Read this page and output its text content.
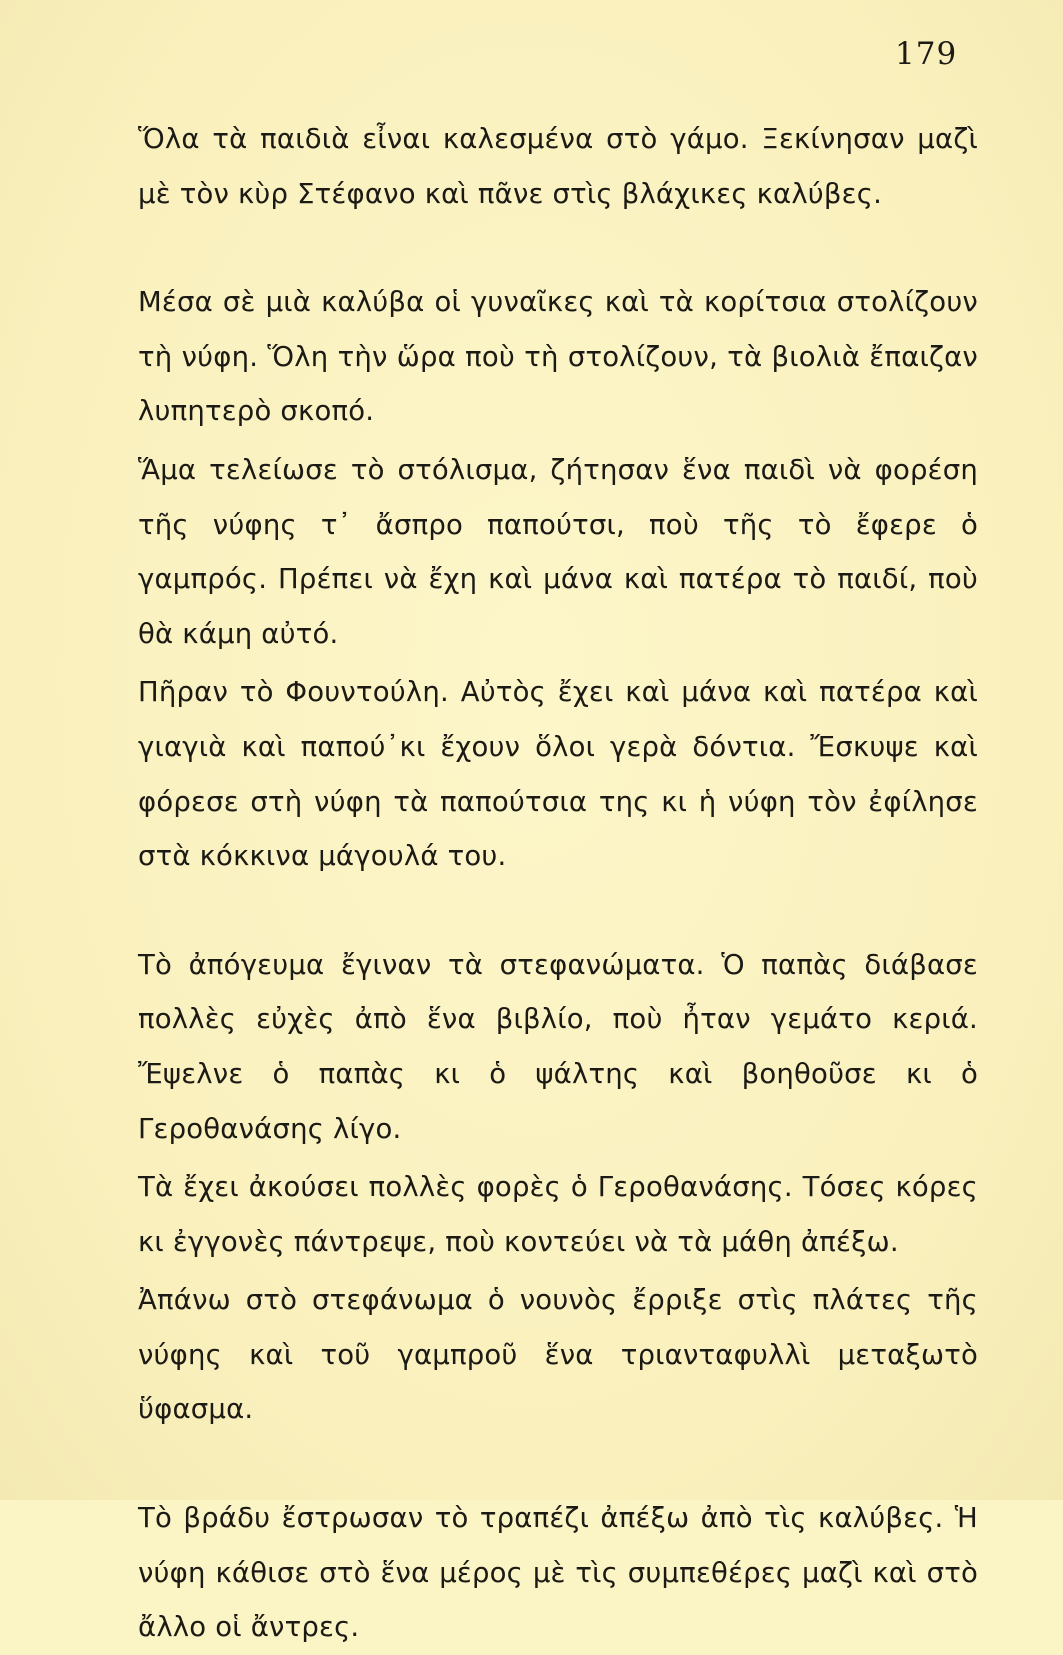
179

Ὅλα τὰ παιδιὰ εἶναι καλεσμένα στὸ γάμο. Ξεκίνησαν μαζὶ μὲ τὸν κὺρ Στέφανο καὶ πᾶνε στὶς βλάχικες καλύβες.

Μέσα σὲ μιὰ καλύβα οἱ γυναῖκες καὶ τὰ κορίτσια στολίζουν τὴ νύφη. Ὅλη τὴν ὥρα ποὺ τὴ στολίζουν, τὰ βιολιὰ ἔπαιζαν λυπητερὸ σκοπό.

Ἅμα τελείωσε τὸ στόλισμα, ζήτησαν ἕνα παιδὶ νὰ φορέση τῆς νύφης τ᾽ ἄσπρο παπούτσι, ποὺ τῆς τὸ ἔφερε ὁ γαμπρός. Πρέπει νὰ ἔχη καὶ μάνα καὶ πατέρα τὸ παιδί, ποὺ θὰ κάμη αὐτό.

Πῆραν τὸ Φουντούλη. Αὐτὸς ἔχει καὶ μάνα καὶ πατέρα καὶ γιαγιὰ καὶ παπού᾽κι ἔχουν ὅλοι γερὰ δόντια. Ἔσκυψε καὶ φόρεσε στὴ νύφη τὰ παπούτσια της κι ἡ νύφη τὸν ἐφίλησε στὰ κόκκινα μάγουλά του.

Τὸ ἀπόγευμα ἔγιναν τὰ στεφανώματα. Ὁ παπὰς διάβασε πολλὲς εὐχὲς ἀπὸ ἕνα βιβλίο, ποὺ ἦταν γεμάτο κεριά. Ἔψελνε ὁ παπὰς κι ὁ ψάλτης καὶ βοηθοῦσε κι ὁ Γεροθανάσης λίγο.

Τὰ ἔχει ἀκούσει πολλὲς φορὲς ὁ Γεροθανάσης. Τόσες κόρες κι ἐγγονὲς πάντρεψε, ποὺ κοντεύει νὰ τὰ μάθη ἀπέξω.

Ἀπάνω στὸ στεφάνωμα ὁ νουνὸς ἔρριξε στὶς πλάτες τῆς νύφης καὶ τοῦ γαμπροῦ ἕνα τριανταφυλλὶ μεταξωτὸ ὕφασμα.

Τὸ βράδυ ἔστρωσαν τὸ τραπέζι ἀπέξω ἀπὸ τὶς καλύβες. Ἡ νύφη κάθισε στὸ ἕνα μέρος μὲ τὶς συμπεθέρες μαζὶ καὶ στὸ ἄλλο οἱ ἄντρες.
